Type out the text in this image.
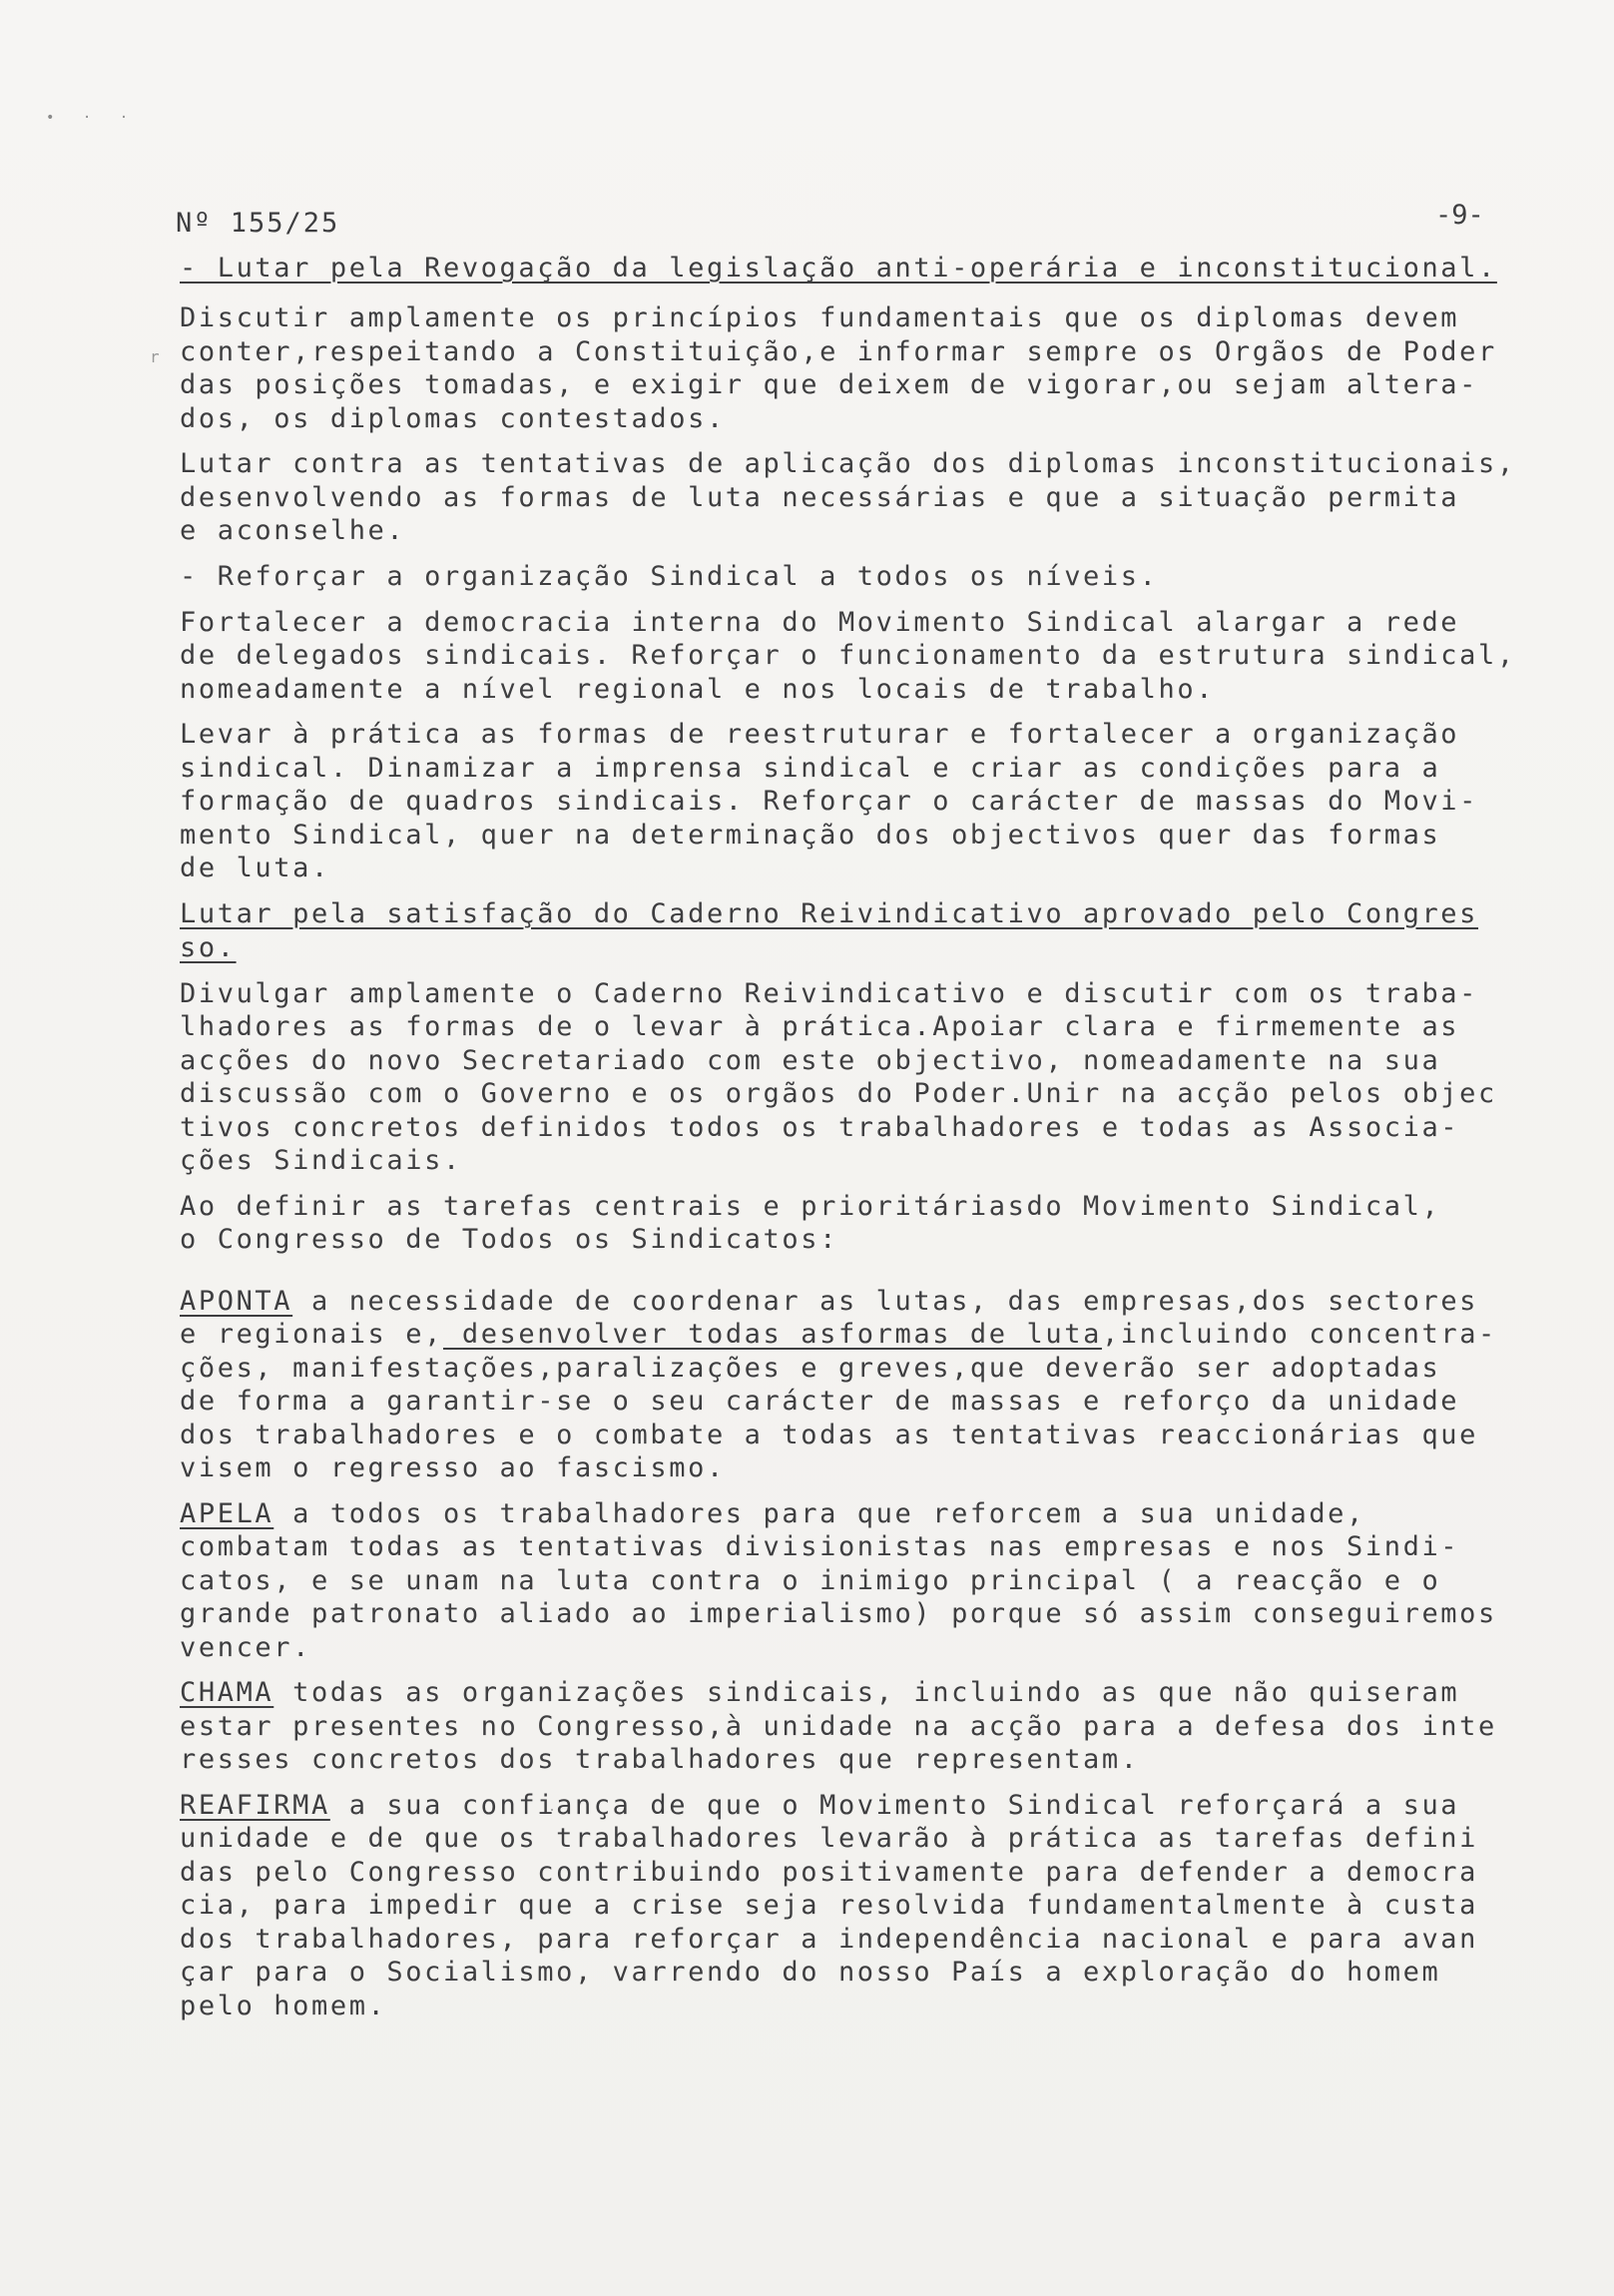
• · ·
Nº 155/25	-9-
r
- Lutar pela Revogação da legislação anti-operária e inconstitucional.
Discutir amplamente os princípios fundamentais que os diplomas devem
conter,respeitando a Constituição,e informar sempre os Orgãos de Poder
das posições tomadas, e exigir que deixem de vigorar,ou sejam altera-
dos, os diplomas contestados.
Lutar contra as tentativas de aplicação dos diplomas inconstitucionais,
desenvolvendo as formas de luta necessárias e que a situação permita
e aconselhe.
- Reforçar a organização Sindical a todos os níveis.
Fortalecer a democracia interna do Movimento Sindical alargar a rede
de delegados sindicais. Reforçar o funcionamento da estrutura sindical,
nomeadamente a nível regional e nos locais de trabalho.
Levar à prática as formas de reestruturar e fortalecer a organização
sindical. Dinamizar a imprensa sindical e criar as condições para a
formação de quadros sindicais. Reforçar o carácter de massas do Movi-
mento Sindical, quer na determinação dos objectivos quer das formas
de luta.
Lutar pela satisfação do Caderno Reivindicativo aprovado pelo Congres
so.
Divulgar amplamente o Caderno Reivindicativo e discutir com os traba-
lhadores as formas de o levar à prática.Apoiar clara e firmemente as
acções do novo Secretariado com este objectivo, nomeadamente na sua
discussão com o Governo e os orgãos do Poder.Unir na acção pelos objec
tivos concretos definidos todos os trabalhadores e todas as Associa-
ções Sindicais.
Ao definir as tarefas centrais e prioritáriasdo Movimento Sindical,
o Congresso de Todos os Sindicatos:
APONTA a necessidade de coordenar as lutas, das empresas,dos sectores
e regionais e, desenvolver todas asformas de luta,incluindo concentra-
ções, manifestações,paralizações e greves,que deverão ser adoptadas
de forma a garantir-se o seu carácter de massas e reforço da unidade
dos trabalhadores e o combate a todas as tentativas reaccionárias que
visem o regresso ao fascismo.
APELA a todos os trabalhadores para que reforcem a sua unidade,
combatam todas as tentativas divisionistas nas empresas e nos Sindi-
catos, e se unam na luta contra o inimigo principal ( a reacção e o
grande patronato aliado ao imperialismo) porque só assim conseguiremos
vencer.
CHAMA todas as organizações sindicais, incluindo as que não quiseram
estar presentes no Congresso,à unidade na acção para a defesa dos inte
resses concretos dos trabalhadores que representam.
REAFIRMA a sua confiança de que o Movimento Sindical reforçará a sua
unidade e de que os trabalhadores levarão à prática as tarefas defini
das pelo Congresso contribuindo positivamente para defender a democra
cia, para impedir que a crise seja resolvida fundamentalmente à custa
dos trabalhadores, para reforçar a independência nacional e para avan
çar para o Socialismo, varrendo do nosso País a exploração do homem
pelo homem.
